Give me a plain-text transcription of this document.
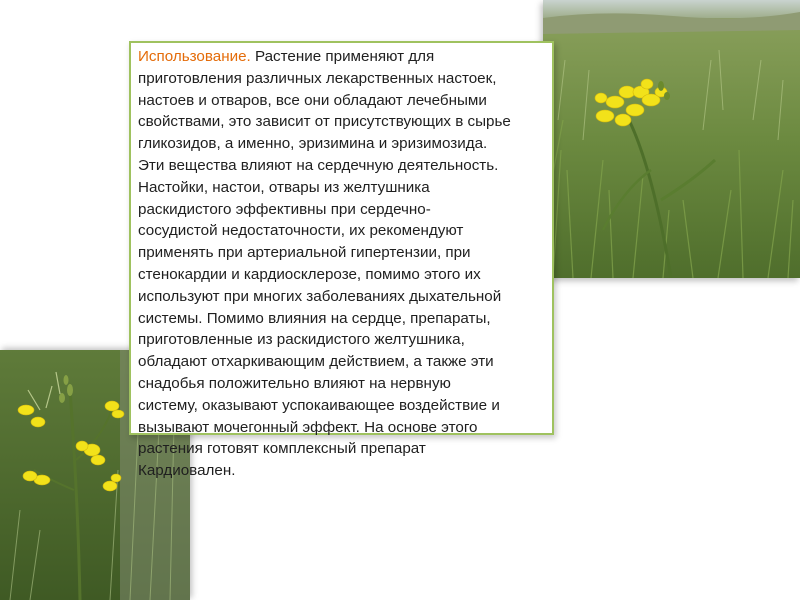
Использование. Растение применяют для
приготовления различных лекарственных настоек,
настоев и отваров, все они обладают лечебными
свойствами, это зависит от присутствующих в сырье
гликозидов, а именно, эризимина и эризимозида.
Эти вещества влияют на сердечную деятельность.
Настойки, настои, отвары из желтушника
раскидистого эффективны при сердечно-
сосудистой недостаточности, их рекомендуют
применять при артериальной гипертензии, при
стенокардии и кардиосклерозе, помимо этого их
используют при многих заболеваниях дыхательной
системы. Помимо влияния на сердце, препараты,
приготовленные из раскидистого желтушника,
обладают отхаркивающим действием, а также эти
снадобья положительно влияют на нервную
систему, оказывают успокаивающее воздействие и
вызывают мочегонный эффект. На основе этого
растения готовят комплексный препарат
Кардиовален.
